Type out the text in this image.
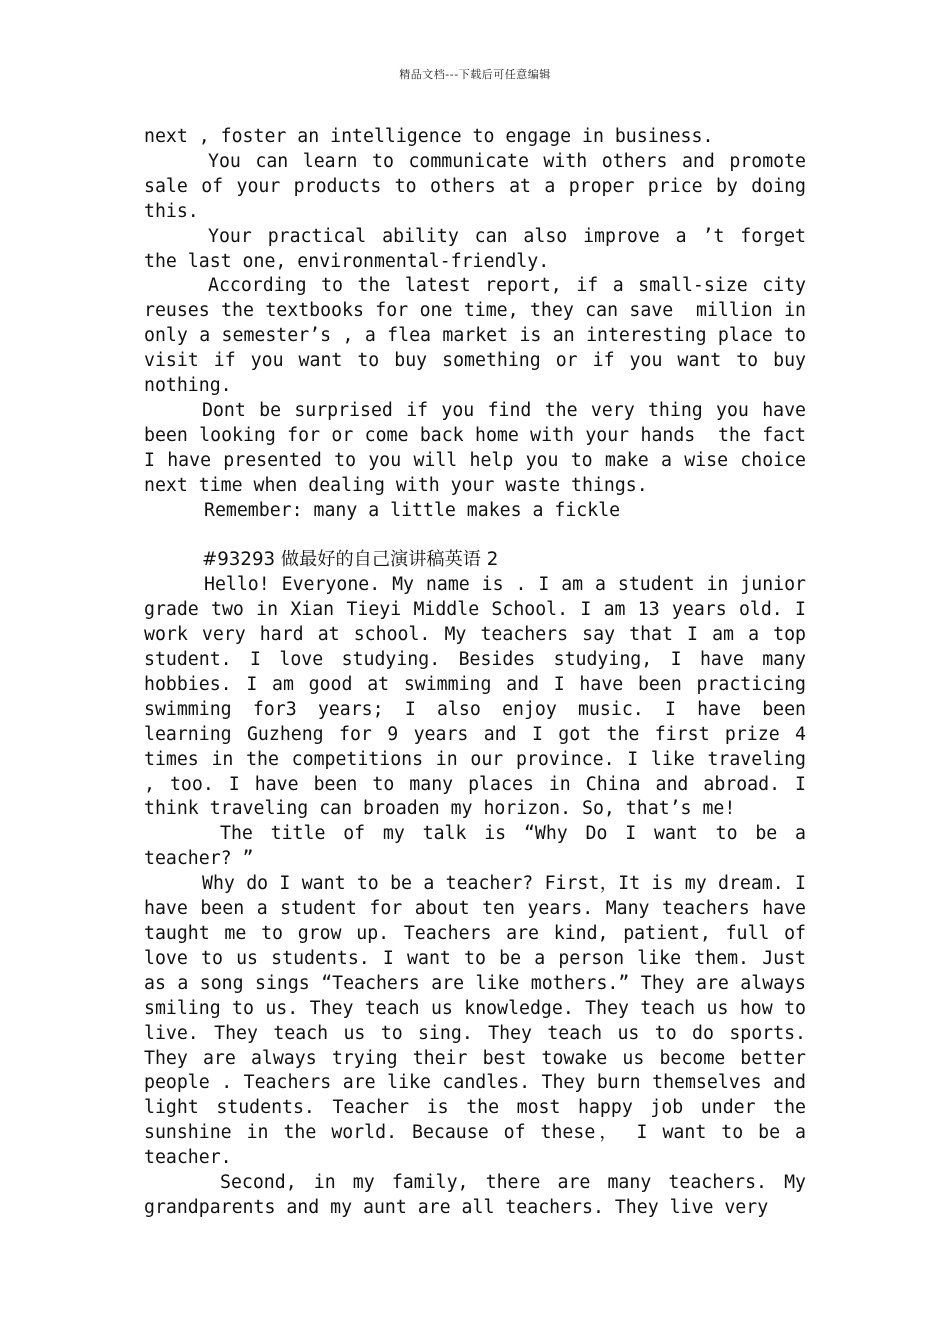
精品文档---下载后可任意编辑

next , foster an intelligence to engage in business.

You can learn to communicate with others and promote sale of your products to others at a proper price by doing this.

Your practical ability can also improve a ’t forget the last one, environmental-friendly.

According to the latest report, if a small-size city reuses the textbooks for one time, they can save  million in only a semester’s , a flea market is an interesting place to visit if you want to buy something or if you want to buy nothing.

Dont be surprised if you find the very thing you have been looking for or come back home with your hands  the fact I have presented to you will help you to make a wise choice next time when dealing with your waste things.

Remember: many a little makes a fickle

#93293 做最好的自己演讲稿英语 2

Hello! Everyone. My name is . I am a student in junior grade two in Xian Tieyi Middle School. I am 13 years old. I work very hard at school. My teachers say that I am a top student. I love studying. Besides studying, I have many hobbies. I am good at swimming and I have been practicing swimming for3 years; I also enjoy music. I have been learning Guzheng for 9 years and I got the first prize 4 times in the competitions in our province. I like traveling , too. I have been to many places in China and abroad. I think traveling can broaden my horizon. So, that’s me!

The title of my talk is “Why Do I want to be a teacher? ”

Why do I want to be a teacher? First，It is my dream. I have been a student for about ten years. Many teachers have taught me to grow up. Teachers are kind, patient, full of love to us students. I want to be a person like them. Just as a song sings “Teachers are like mothers.” They are always smiling to us. They teach us knowledge. They teach us how to live. They teach us to sing. They teach us to do sports. They are always trying their best towake us become better people . Teachers are like candles. They burn themselves and light students. Teacher is the most happy job under the sunshine in the world. Because of these， I want to be a teacher.

Second, in my family, there are many teachers. My grandparents and my aunt are all teachers. They live very
